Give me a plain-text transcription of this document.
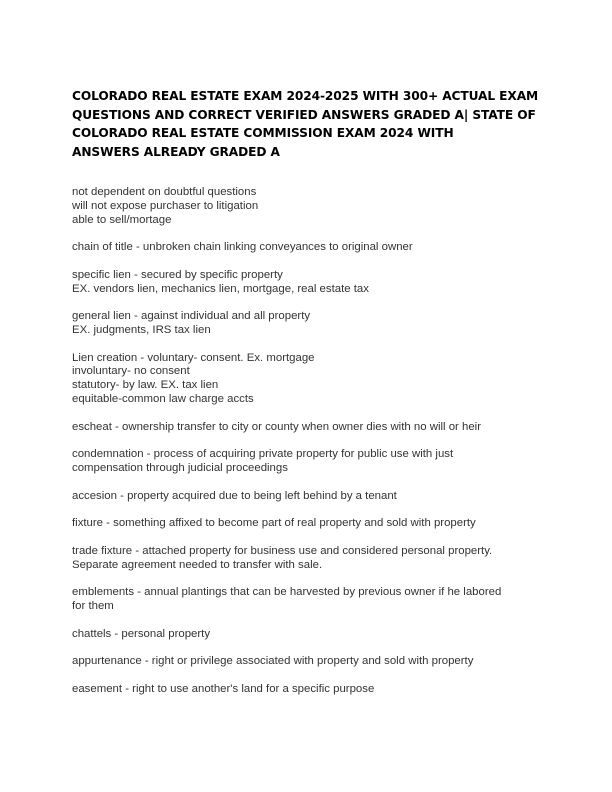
COLORADO REAL ESTATE EXAM 2024-2025 WITH 300+ ACTUAL EXAM
QUESTIONS AND CORRECT VERIFIED ANSWERS GRADED A| STATE OF
COLORADO REAL ESTATE COMMISSION EXAM 2024 WITH
ANSWERS ALREADY GRADED A
not dependent on doubtful questions
will not expose purchaser to litigation
able to sell/mortage
chain of title - unbroken chain linking conveyances to original owner
specific lien - secured by specific property
EX. vendors lien, mechanics lien, mortgage, real estate tax
general lien - against individual and all property
EX. judgments, IRS tax lien
Lien creation - voluntary- consent. Ex. mortgage
involuntary- no consent
statutory- by law. EX. tax lien
equitable-common law charge accts
escheat - ownership transfer to city or county when owner dies with no will or heir
condemnation - process of acquiring private property for public use with just
compensation through judicial proceedings
accesion - property acquired due to being left behind by a tenant
fixture - something affixed to become part of real property and sold with property
trade fixture - attached property for business use and considered personal property.
Separate agreement needed to transfer with sale.
emblements - annual plantings that can be harvested by previous owner if he labored
for them
chattels - personal property
appurtenance - right or privilege associated with property and sold with property
easement - right to use another's land for a specific purpose
